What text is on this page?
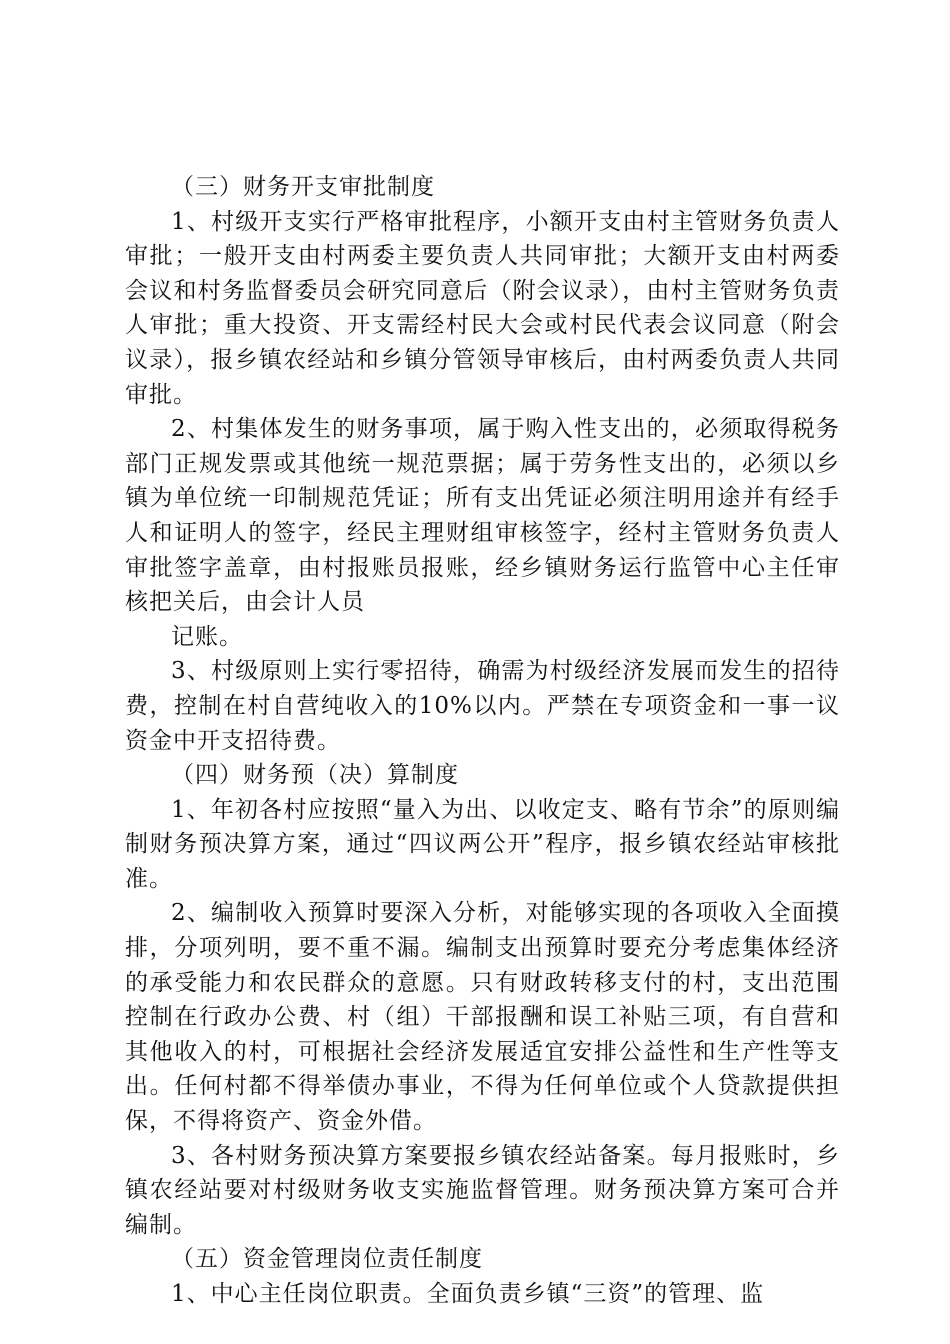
（三）财务开支审批制度

1、村级开支实行严格审批程序，小额开支由村主管财务负责人审批；一般开支由村两委主要负责人共同审批；大额开支由村两委会议和村务监督委员会研究同意后（附会议录），由村主管财务负责人审批；重大投资、开支需经村民大会或村民代表会议同意（附会议录），报乡镇农经站和乡镇分管领导审核后，由村两委负责人共同审批。

2、村集体发生的财务事项，属于购入性支出的，必须取得税务部门正规发票或其他统一规范票据；属于劳务性支出的，必须以乡镇为单位统一印制规范凭证；所有支出凭证必须注明用途并有经手人和证明人的签字，经民主理财组审核签字，经村主管财务负责人审批签字盖章，由村报账员报账，经乡镇财务运行监管中心主任审核把关后，由会计人员

记账。

3、村级原则上实行零招待，确需为村级经济发展而发生的招待费，控制在村自营纯收入的10%以内。严禁在专项资金和一事一议资金中开支招待费。

（四）财务预（决）算制度

1、年初各村应按照“量入为出、以收定支、略有节余”的原则编制财务预决算方案，通过“四议两公开”程序，报乡镇农经站审核批准。

2、编制收入预算时要深入分析，对能够实现的各项收入全面摸排，分项列明，要不重不漏。编制支出预算时要充分考虑集体经济的承受能力和农民群众的意愿。只有财政转移支付的村，支出范围控制在行政办公费、村（组）干部报酬和误工补贴三项，有自营和其他收入的村，可根据社会经济发展适宜安排公益性和生产性等支出。任何村都不得举债办事业，不得为任何单位或个人贷款提供担保，不得将资产、资金外借。

3、各村财务预决算方案要报乡镇农经站备案。每月报账时，乡镇农经站要对村级财务收支实施监督管理。财务预决算方案可合并编制。

（五）资金管理岗位责任制度

1、中心主任岗位职责。全面负责乡镇“三资”的管理、监
